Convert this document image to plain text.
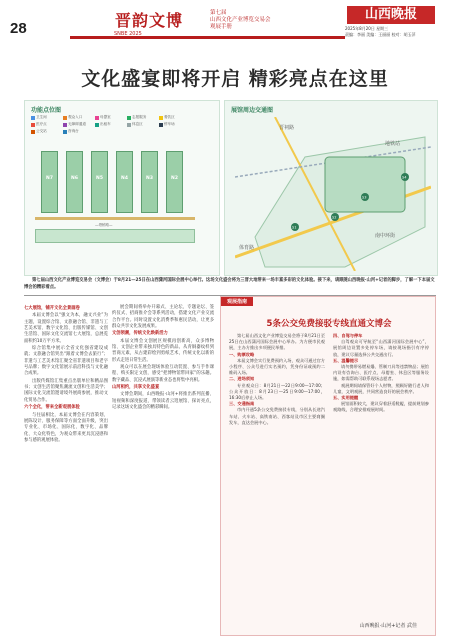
28	晋韵文博
SNBE 2025
第七届
山西文化产业博览交易会
观展手册
山西晚报
2025年8月20日 星期三
责编：李丽 美编：王丽丽 校对：胡玉萍
文化盛宴即将开启 精彩亮点在这里
功能点位图
卫生间	观众入口	母婴室	志愿服务	餐饮区
医疗点	无障碍通道	出租车	休息区	停车场
公交站	咨询台
—塔桥路—
N7	N6	N5	N4	N3	N2
展馆周边交通图
S1
S2
S3
S4
体育路
晋祠路
南中环街
地铁站
第七届山西文化产业博览交易会（文博会）于8月21—25日在山西潇河国际会展中心举行。这场文化盛会将为三晋大地带来一场丰富多彩的文化体验。接下来，请跟随山西晚报·山河+记者的脚步，了解一下本届文博会的精彩看点。
七大展馆，铺开文化全景画卷
本届文博会以“强文为本，融文兴业”为主题，设置综合馆、文旅融合馆、非遗与工艺美术馆、数字文化馆、出版传媒馆、文创生活馆、国际文化交流馆七大展馆，总展览面积约10万平方米。
综合馆集中展示全省文化强省建设成就；文旅融合馆突出“跟着文博会去旅行”；非遗与工艺美术馆汇聚全省非遗项目和老字号品牌；数字文化馆展示前沿科技与文化融合成果。
出版传媒馆汇集重点出版单位和精品图书；文创生活馆聚焦潮流文创和生活美学；国际文化交流馆邀请境外展商参展，推动文化贸易合作。
六个全化，带来全新观展体验
与往届相比，本届文博会在内容策划、展陈设计、服务保障等方面全面升级，突出专业化、市场化、国际化、数字化、品牌化、大众化特色，为观众带来更具沉浸感和参与感的观展体验。
展会期间将举办开幕式、主论坛、专题论坛、签约仪式、招商推介会等系列活动，搭建文化产业交流合作平台。同时设置文化消费季和惠民活动，让更多群众共享文化发展成果。
文创领潮，传统文化焕新活力
本届文博会文创展区规模再创新高，众多博物馆、文创企业带来独具特色的新品。从青铜器纹样到晋商元素，从古建彩绘到剪纸艺术，传统文化以新的形式走进日常生活。
观众可以在展会现场体验互动装置、参与手作课程、购买限定文创，感受“把博物馆带回家”的乐趣。数字藏品、沉浸式展演等新业态也将集中亮相。
山河相约，共享文化盛宴
文博会期间，山西晚报·山河+将推出系列直播、短视频和深度报道，带领读者云逛展馆、探访亮点，记录这场文化盛会的精彩瞬间。
观展指南
5条公交免费接驳专线直通文博会
第七届山西文化产业博览交易会将于8月21日至25日在山西潇河国际会展中心举办。为方便市民观展，主办方推出多项便民举措。
一、购票攻略
本届文博会实行免费预约入场，观众可通过官方小程序、公众号进行实名预约，凭身份证或预约二维码入场。
二、进场须知
专业观众日：8月21日—22日9:00—17:00；公众开放日：8月23日—25日9:00—17:00，16:30后停止入场。
三、交通指南
市内开通5条公交免费接驳专线，分别从长途汽车站、火车站、高铁南站、西客站及市区主要商圈发车，直达会展中心。
四、自驾与停车
自驾观众可导航至“山西潇河国际会展中心”，展馆周边设置多处停车场，请按现场指引有序停放，建议尽量选择公共交通出行。
五、温馨提示
请勿携带易燃易爆、管制刀具等违禁物品；展馆内设有咨询台、医疗点、母婴室、休息区等服务设施，如需帮助可联系现场志愿者。
观展期间请保管好个人财物，照顾好随行老人和儿童，文明观展，共同营造良好的展会秩序。
五、实用提醒
展馆面积较大，建议穿着舒适鞋履，提前规划参观路线，合理安排观展时间。
山西晚报·山河+记者 武佳
